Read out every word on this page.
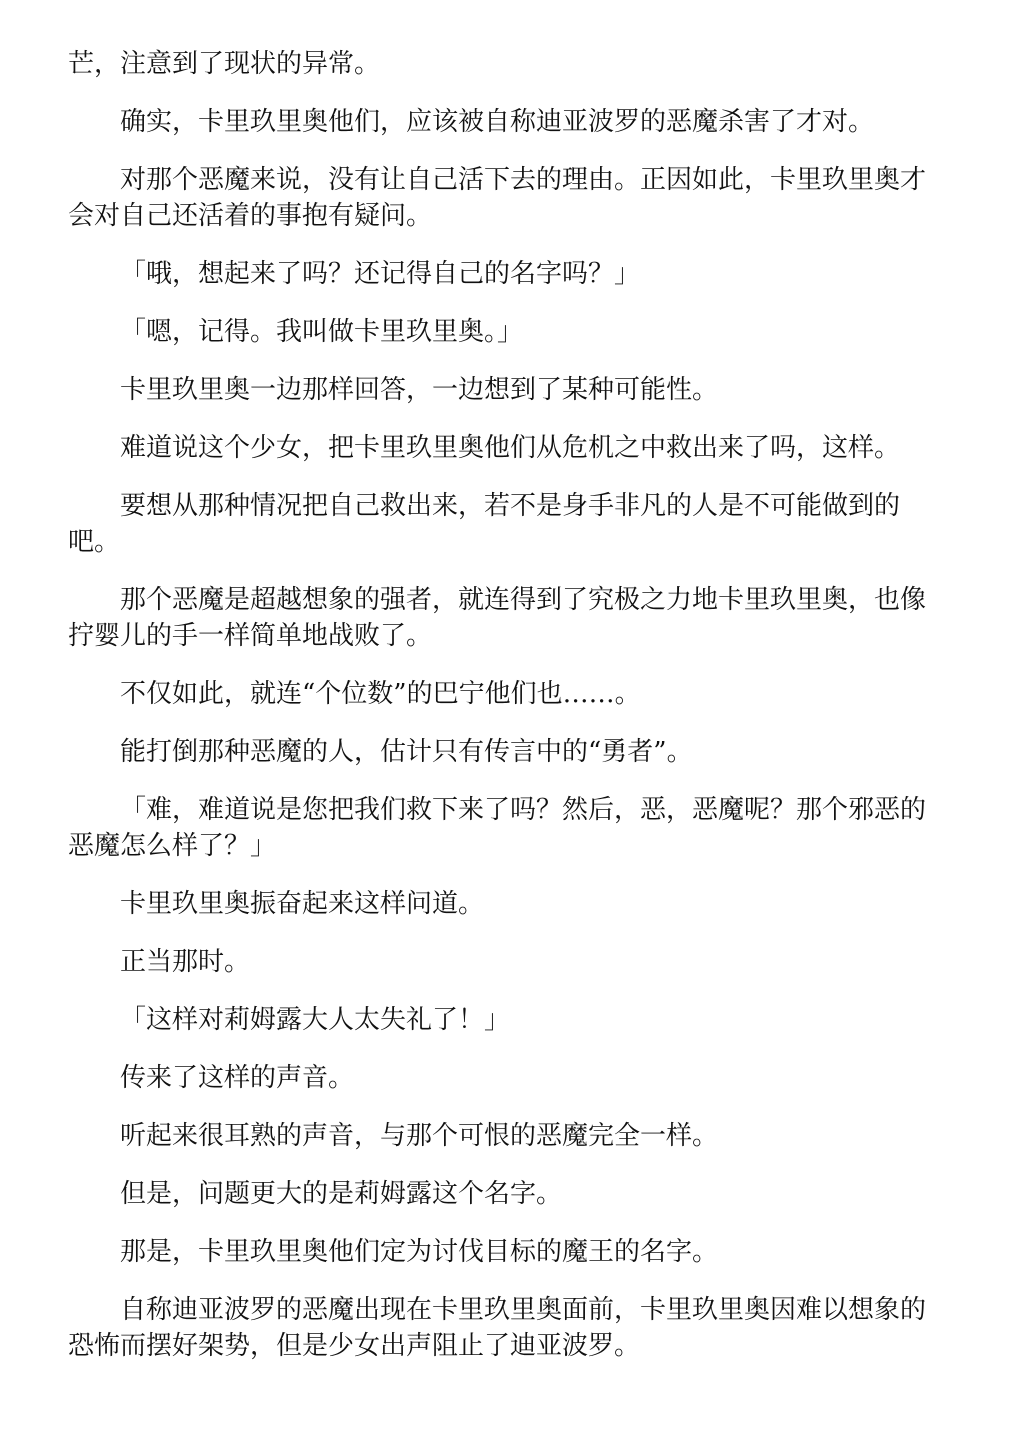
芒，注意到了现状的异常。

确实，卡里玖里奥他们，应该被自称迪亚波罗的恶魔杀害了才对。

对那个恶魔来说，没有让自己活下去的理由。正因如此，卡里玖里奥才会对自己还活着的事抱有疑问。

「哦，想起来了吗？还记得自己的名字吗？」

「嗯，记得。我叫做卡里玖里奥。」

卡里玖里奥一边那样回答，一边想到了某种可能性。

难道说这个少女，把卡里玖里奥他们从危机之中救出来了吗，这样。

要想从那种情况把自己救出来，若不是身手非凡的人是不可能做到的吧。

那个恶魔是超越想象的强者，就连得到了究极之力地卡里玖里奥，也像拧婴儿的手一样简单地战败了。

不仅如此，就连“个位数”的巴宁他们也……。

能打倒那种恶魔的人，估计只有传言中的“勇者”。

「难，难道说是您把我们救下来了吗？然后，恶，恶魔呢？那个邪恶的恶魔怎么样了？」

卡里玖里奥振奋起来这样问道。

正当那时。

「这样对莉姆露大人太失礼了！」

传来了这样的声音。

听起来很耳熟的声音，与那个可恨的恶魔完全一样。

但是，问题更大的是莉姆露这个名字。

那是，卡里玖里奥他们定为讨伐目标的魔王的名字。

自称迪亚波罗的恶魔出现在卡里玖里奥面前，卡里玖里奥因难以想象的恐怖而摆好架势，但是少女出声阻止了迪亚波罗。
